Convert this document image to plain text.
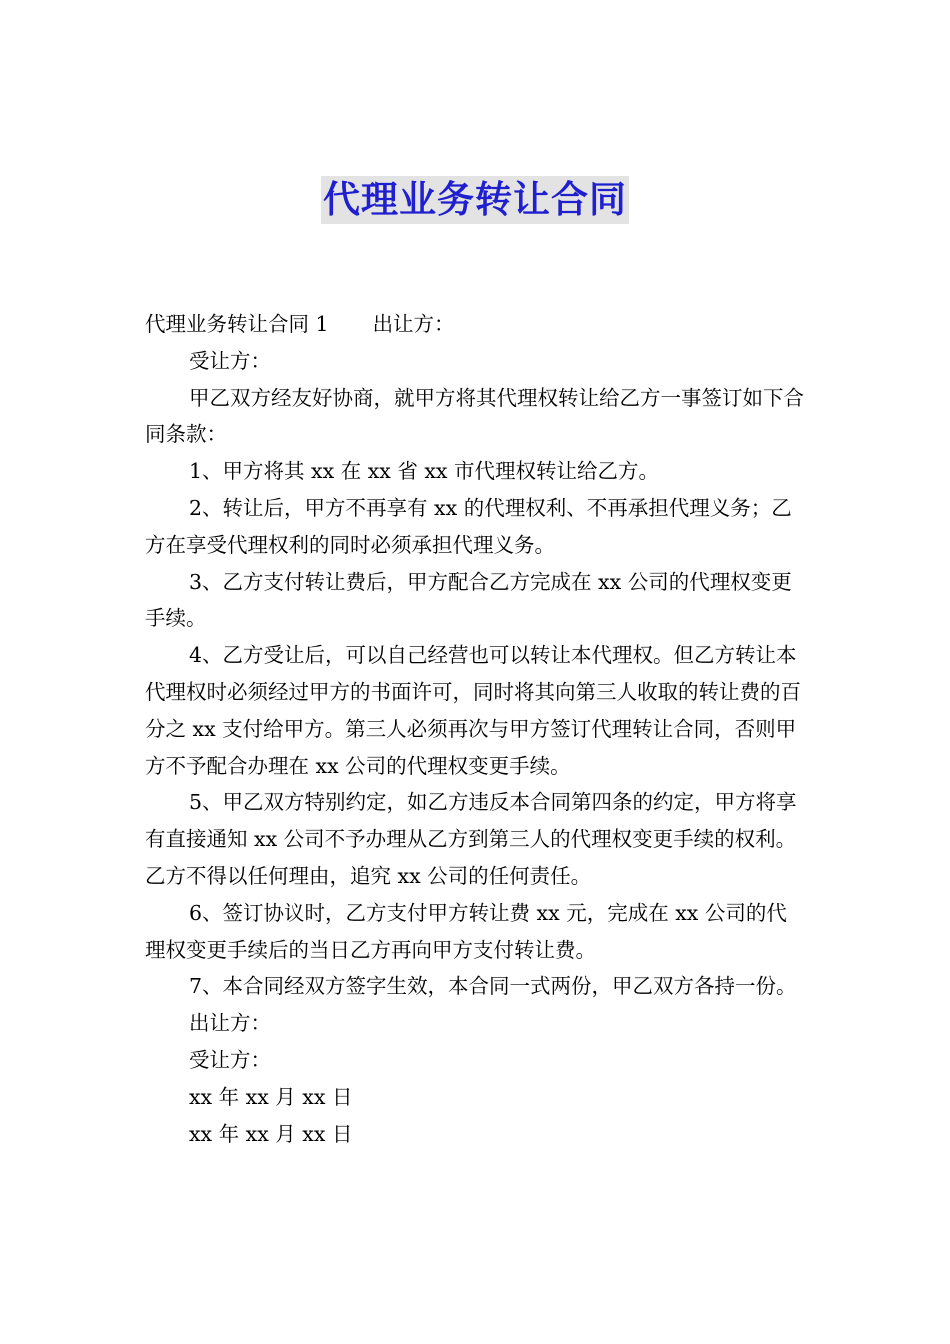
代理业务转让合同

代理业务转让合同 1 出让方：

受让方：

甲乙双方经友好协商，就甲方将其代理权转让给乙方一事签订如下合同条款：

1、甲方将其 xx 在 xx 省 xx 市代理权转让给乙方。

2、转让后，甲方不再享有 xx 的代理权利、不再承担代理义务；乙方在享受代理权利的同时必须承担代理义务。

3、乙方支付转让费后，甲方配合乙方完成在 xx 公司的代理权变更手续。

4、乙方受让后，可以自己经营也可以转让本代理权。但乙方转让本代理权时必须经过甲方的书面许可，同时将其向第三人收取的转让费的百分之 xx 支付给甲方。第三人必须再次与甲方签订代理转让合同，否则甲方不予配合办理在 xx 公司的代理权变更手续。

5、甲乙双方特别约定，如乙方违反本合同第四条的约定，甲方将享有直接通知 xx 公司不予办理从乙方到第三人的代理权变更手续的权利。乙方不得以任何理由，追究 xx 公司的任何责任。

6、签订协议时，乙方支付甲方转让费 xx 元，完成在 xx 公司的代理权变更手续后的当日乙方再向甲方支付转让费。

7、本合同经双方签字生效，本合同一式两份，甲乙双方各持一份。

出让方：

受让方：

xx 年 xx 月 xx 日

xx 年 xx 月 xx 日
